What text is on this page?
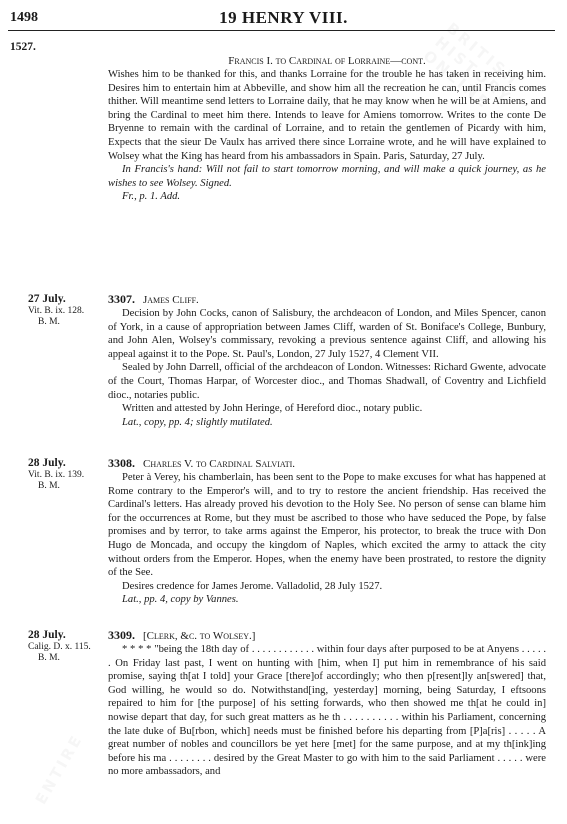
BRITISH HISTORY ONLINE
ENTIRE
1498	19 HENRY VIII.
1527.

Francis I. to Cardinal of Lorraine—cont.

Wishes him to be thanked for this, and thanks Lorraine for the trouble he has taken in receiving him. Desires him to entertain him at Abbeville, and show him all the recreation he can, until Francis comes thither. Will meantime send letters to Lorraine daily, that he may know when he will be at Amiens, and bring the Cardinal to meet him there. Intends to leave for Amiens tomorrow. Writes to the conte De Bryenne to remain with the cardinal of Lorraine, and to retain the gentlemen of Picardy with him, Expects that the sieur De Vaulx has arrived there since Lorraine wrote, and he will have explained to Wolsey what the King has heard from his ambassadors in Spain. Paris, Saturday, 27 July.

In Francis's hand: Will not fail to start tomorrow morning, and will make a quick journey, as he wishes to see Wolsey. Signed.

Fr., p. 1. Add.

27 July.
Vit. B. ix. 128.
B. M.

3307. James Cliff.

Decision by John Cocks, canon of Salisbury, the archdeacon of London, and Miles Spencer, canon of York, in a cause of appropriation between James Cliff, warden of St. Boniface's College, Bunbury, and John Alen, Wolsey's commissary, revoking a previous sentence against Cliff, and allowing his appeal against it to the Pope. St. Paul's, London, 27 July 1527, 4 Clement VII.

Sealed by John Darrell, official of the archdeacon of London. Witnesses: Richard Gwente, advocate of the Court, Thomas Harpar, of Worcester dioc., and Thomas Shadwall, of Coventry and Lichfield dioc., notaries public.

Written and attested by John Heringe, of Hereford dioc., notary public.

Lat., copy, pp. 4; slightly mutilated.

28 July.
Vit. B. ix. 139.
B. M.

3308. Charles V. to Cardinal Salviati.

Peter à Verey, his chamberlain, has been sent to the Pope to make excuses for what has happened at Rome contrary to the Emperor's will, and to try to restore the ancient friendship. Has received the Cardinal's letters. Has already proved his devotion to the Holy See. No person of sense can blame him for the occurrences at Rome, but they must be ascribed to those who have seduced the Pope, by false promises and by terror, to take arms against the Emperor, his protector, to break the truce with Don Hugo de Moncada, and occupy the kingdom of Naples, which excited the army to attack the city without orders from the Emperor. Hopes, when the enemy have been prostrated, to restore the dignity of the See.

Desires credence for James Jerome. Valladolid, 28 July 1527.

Lat., pp. 4, copy by Vannes.

28 July.
Calig. D. x. 115.
B. M.

3309. [Clerk, &c. to Wolsey.]

* * * * "being the 18th day of . . . . . . . . . . . . within four days after purposed to be at Anyens . . . . . . On Friday last past, I went on hunting with [him, when I] put him in remembrance of his said promise, saying th[at I told] your Grace [there]of accordingly; who then p[resent]ly an[swered] that, God willing, he would so do. Notwithstand[ing, yesterday] morning, being Saturday, I eftsoons repaired to him for [the purpose] of his setting forwards, who then showed me th[at he could in] nowise depart that day, for such great matters as he th . . . . . . . . . . within his Parliament, concerning the late duke of Bu[rbon, which] needs must be finished before his departing from [P]a[ris] . . . . . A great number of nobles and councillors be yet here [met] for the same purpose, and at my th[ink]ing before his ma . . . . . . . . desired by the Great Master to go with him to the said Parliament . . . . . were no more ambassadors, and
